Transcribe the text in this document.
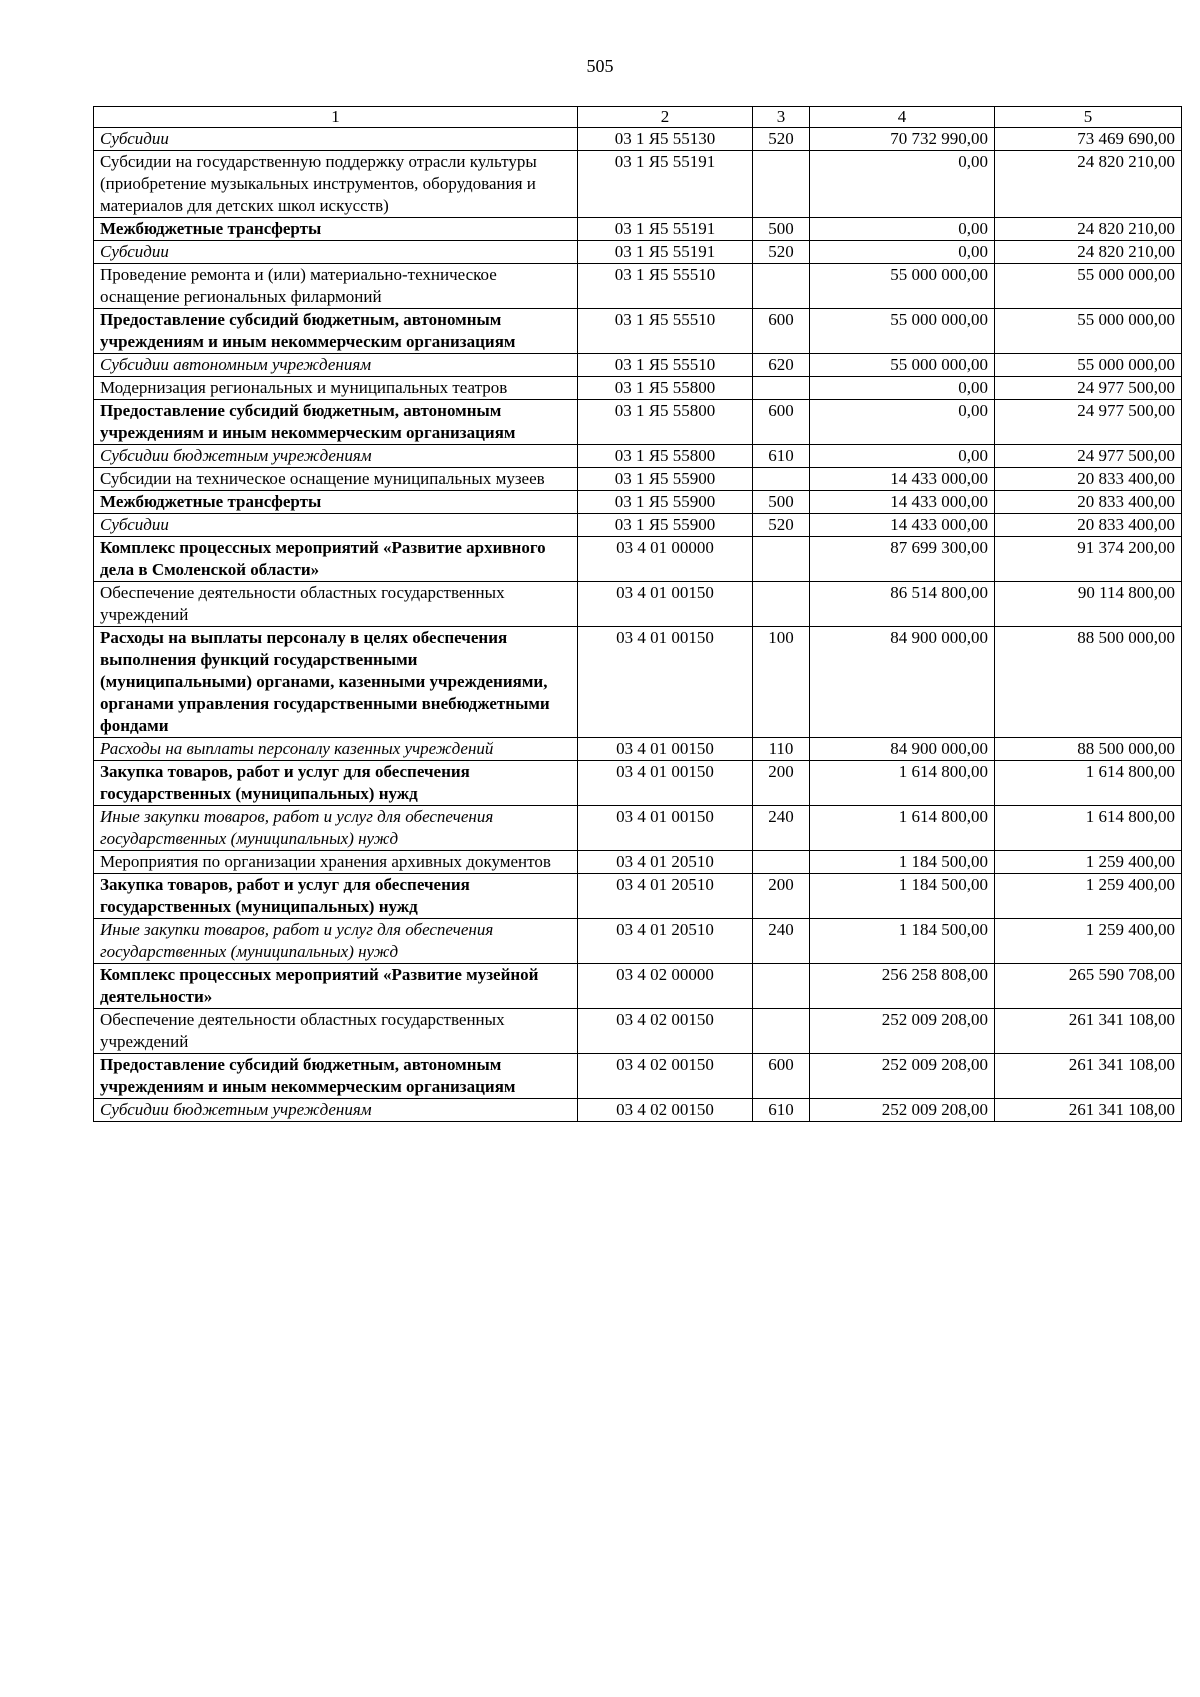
505
1	2	3	4	5
Субсидии	03 1 Я5 55130	520	70 732 990,00	73 469 690,00
Субсидии на государственную поддержку отрасли культуры (приобретение музыкальных инструментов, оборудования и материалов для детских школ искусств)	03 1 Я5 55191		0,00	24 820 210,00
Межбюджетные трансферты	03 1 Я5 55191	500	0,00	24 820 210,00
Субсидии	03 1 Я5 55191	520	0,00	24 820 210,00
Проведение ремонта и (или) материально-техническое оснащение региональных филармоний	03 1 Я5 55510		55 000 000,00	55 000 000,00
Предоставление субсидий бюджетным, автономным учреждениям и иным некоммерческим организациям	03 1 Я5 55510	600	55 000 000,00	55 000 000,00
Субсидии автономным учреждениям	03 1 Я5 55510	620	55 000 000,00	55 000 000,00
Модернизация региональных и муниципальных театров	03 1 Я5 55800		0,00	24 977 500,00
Предоставление субсидий бюджетным, автономным учреждениям и иным некоммерческим организациям	03 1 Я5 55800	600	0,00	24 977 500,00
Субсидии бюджетным учреждениям	03 1 Я5 55800	610	0,00	24 977 500,00
Субсидии на техническое оснащение муниципальных музеев	03 1 Я5 55900		14 433 000,00	20 833 400,00
Межбюджетные трансферты	03 1 Я5 55900	500	14 433 000,00	20 833 400,00
Субсидии	03 1 Я5 55900	520	14 433 000,00	20 833 400,00
Комплекс процессных мероприятий «Развитие архивного дела в Смоленской области»	03 4 01 00000		87 699 300,00	91 374 200,00
Обеспечение деятельности областных государственных учреждений	03 4 01 00150		86 514 800,00	90 114 800,00
Расходы на выплаты персоналу в целях обеспечения выполнения функций государственными (муниципальными) органами, казенными учреждениями, органами управления государственными внебюджетными фондами	03 4 01 00150	100	84 900 000,00	88 500 000,00
Расходы на выплаты персоналу казенных учреждений	03 4 01 00150	110	84 900 000,00	88 500 000,00
Закупка товаров, работ и услуг для обеспечения государственных (муниципальных) нужд	03 4 01 00150	200	1 614 800,00	1 614 800,00
Иные закупки товаров, работ и услуг для обеспечения государственных (муниципальных) нужд	03 4 01 00150	240	1 614 800,00	1 614 800,00
Мероприятия по организации хранения архивных документов	03 4 01 20510		1 184 500,00	1 259 400,00
Закупка товаров, работ и услуг для обеспечения государственных (муниципальных) нужд	03 4 01 20510	200	1 184 500,00	1 259 400,00
Иные закупки товаров, работ и услуг для обеспечения государственных (муниципальных) нужд	03 4 01 20510	240	1 184 500,00	1 259 400,00
Комплекс процессных мероприятий «Развитие музейной деятельности»	03 4 02 00000		256 258 808,00	265 590 708,00
Обеспечение деятельности областных государственных учреждений	03 4 02 00150		252 009 208,00	261 341 108,00
Предоставление субсидий бюджетным, автономным учреждениям и иным некоммерческим организациям	03 4 02 00150	600	252 009 208,00	261 341 108,00
Субсидии бюджетным учреждениям	03 4 02 00150	610	252 009 208,00	261 341 108,00
